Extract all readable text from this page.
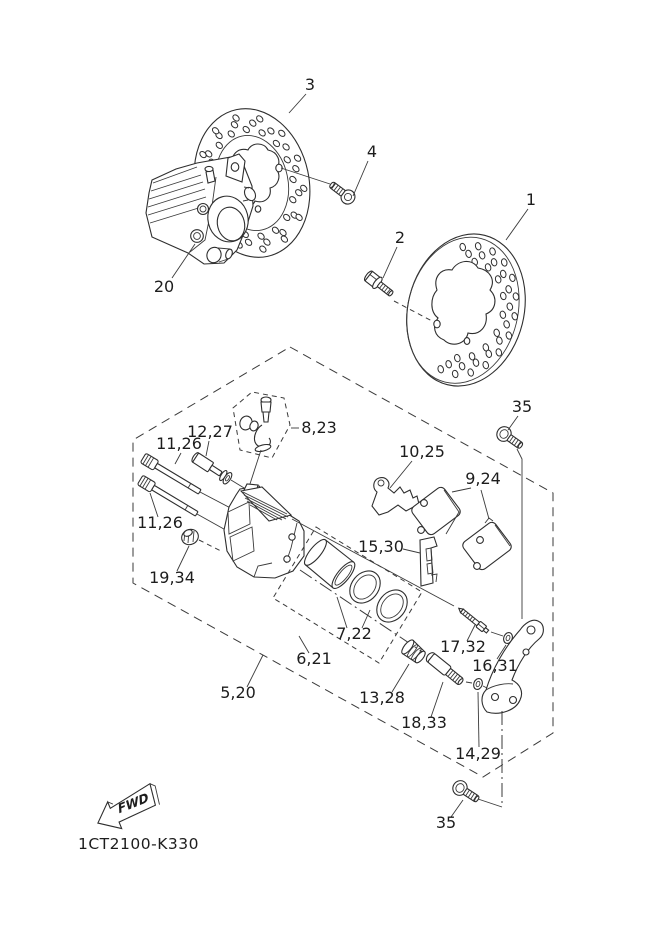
1
2
3
4
20
8,23
12,27
11,26
11,26
19,34
10,25
9,24
35
15,30
7,22
6,21
5,20	13,28
17,32
16,31
18,33
14,29
35
FWD
1CT2100-K330
